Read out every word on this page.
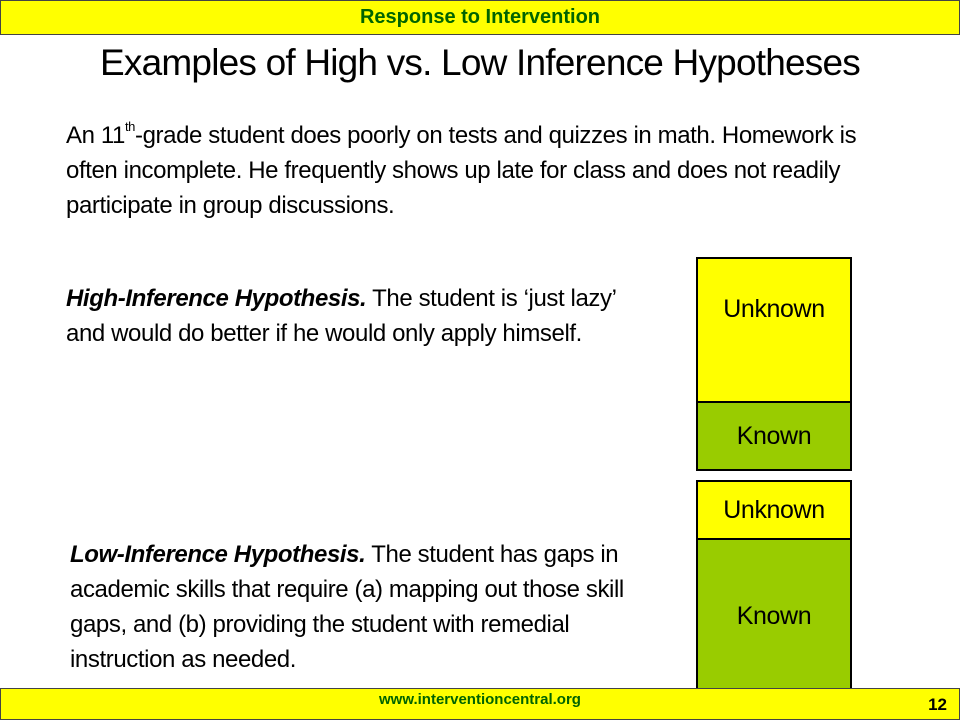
Response to Intervention
Examples of High vs. Low Inference Hypotheses
An 11th-grade student does poorly on tests and quizzes in math. Homework is often incomplete. He frequently shows up late for class and does not readily participate in group discussions.
High-Inference Hypothesis. The student is ‘just lazy’ and would do better if he would only apply himself.
Low-Inference Hypothesis. The student has gaps in academic skills that require (a) mapping out those skill gaps, and (b) providing the student with remedial instruction as needed.
Unknown
Known
Unknown
Known
www.interventioncentral.org	12
